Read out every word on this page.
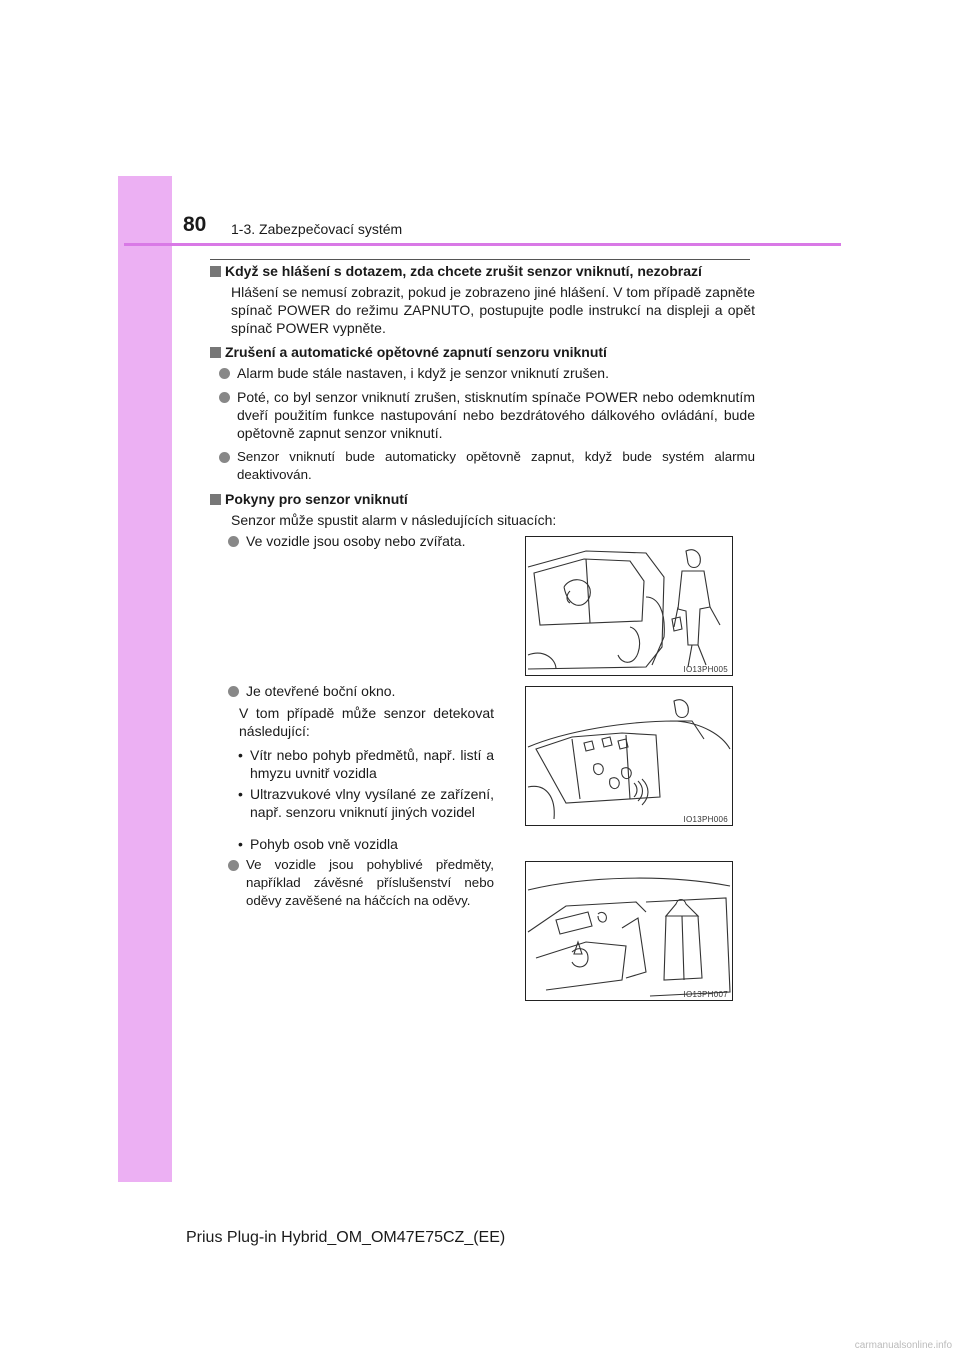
80 1-3. Zabezpečovací systém

Když se hlášení s dotazem, zda chcete zrušit senzor vniknutí, nezobrazí

Hlášení se nemusí zobrazit, pokud je zobrazeno jiné hlášení. V tom případě zapněte spínač POWER do režimu ZAPNUTO, postupujte podle instrukcí na displeji a opět spínač POWER vypněte.

Zrušení a automatické opětovné zapnutí senzoru vniknutí

Alarm bude stále nastaven, i když je senzor vniknutí zrušen.
Poté, co byl senzor vniknutí zrušen, stisknutím spínače POWER nebo odemknutím dveří použitím funkce nastupování nebo bezdrátového dálkového ovládání, bude opětovně zapnut senzor vniknutí.
Senzor vniknutí bude automaticky opětovně zapnut, když bude systém alarmu deaktivován.

Pokyny pro senzor vniknutí

Senzor může spustit alarm v následujících situacích:

Ve vozidle jsou osoby nebo zvířata.
IO13PH005
Je otevřené boční okno.

V tom případě může senzor detekovat následující:

• Vítr nebo pohyb předmětů, např. listí a hmyzu uvnitř vozidla
• Ultrazvukové vlny vysílané ze zařízení, např. senzoru vniknutí jiných vozidel
• Pohyb osob vně vozidla
IO13PH006
Ve vozidle jsou pohyblivé předměty, například závěsné příslušenství nebo oděvy zavěšené na háčcích na oděvy.
IO13PH007
Prius Plug-in Hybrid_OM_OM47E75CZ_(EE)
carmanualsonline.info
